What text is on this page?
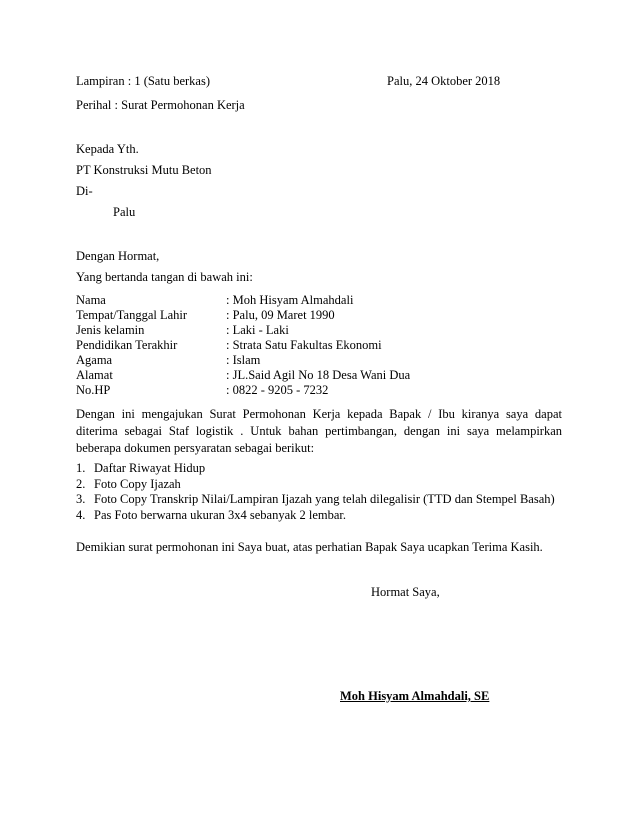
Lampiran : 1 (Satu berkas)	Palu, 24 Oktober 2018
Perihal : Surat Permohonan Kerja
Kepada Yth.
PT Konstruksi Mutu Beton
Di-
Palu
Dengan Hormat,
Yang bertanda tangan di bawah ini:
Nama	: Moh Hisyam Almahdali
Tempat/Tanggal Lahir	: Palu, 09 Maret 1990
Jenis kelamin	: Laki - Laki
Pendidikan Terakhir	: Strata Satu Fakultas Ekonomi
Agama	: Islam
Alamat	: JL.Said Agil No 18 Desa Wani Dua
No.HP	: 0822 - 9205 - 7232
Dengan ini mengajukan Surat Permohonan Kerja kepada Bapak / Ibu kiranya saya dapat diterima sebagai Staf logistik . Untuk bahan pertimbangan, dengan ini saya melampirkan beberapa dokumen persyaratan sebagai berikut:
1. Daftar Riwayat Hidup
2. Foto Copy Ijazah
3. Foto Copy Transkrip Nilai/Lampiran Ijazah yang telah dilegalisir (TTD dan Stempel Basah)
4. Pas Foto berwarna ukuran 3x4 sebanyak 2 lembar.
Demikian surat permohonan ini Saya buat, atas perhatian Bapak Saya ucapkan Terima Kasih.
Hormat Saya,
Moh Hisyam Almahdali, SE
